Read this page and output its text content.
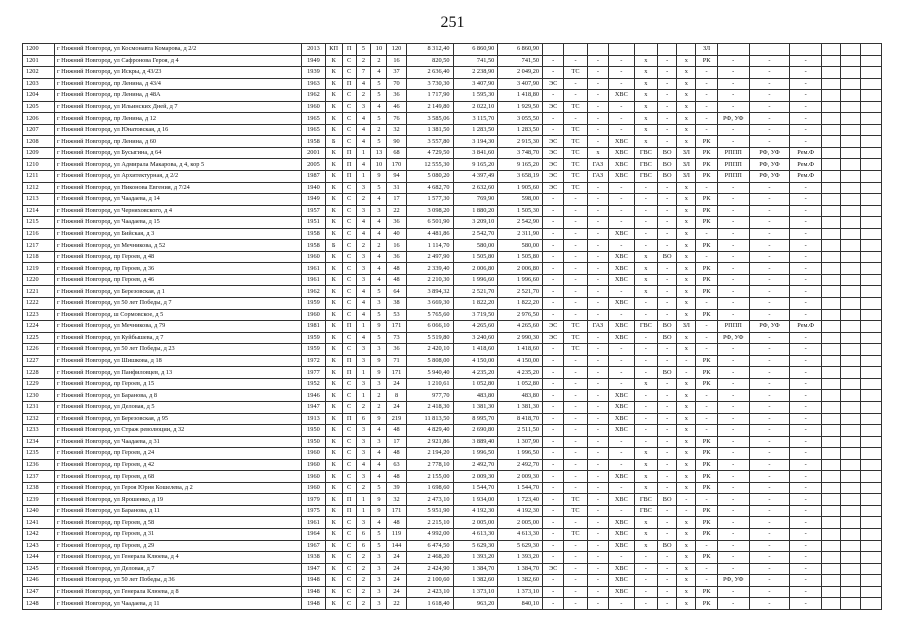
251
1200	г Нижний Новгород, ул Космонавта Комарова, д 2/2	2013	КП	П	5	10	120	8 312,40	6 860,90	6 860,90								ЗЛ						
1201	г Нижний Новгород, ул Сафронова Героя, д 4	1949	К	С	2	2	16	820,50	741,50	741,50	-	-	-	-	х	-	х	РК	-	-	-			
1202	г Нижний Новгород, ул Искры, д 43/23	1939	К	С	7	4	37	2 636,40	2 238,90	2 049,20	-	ТС	-	-	х	-	х	-	-	-	-			
1203	г Нижний Новгород, пр Ленина, д 43/4	1963	К	П	4	5	70	3 730,30	3 407,90	3 407,90	ЭС	-	-	-	х	-	х	-	-	-	-			
1204	г Нижний Новгород, пр Ленина, д 48А	1962	К	С	2	5	36	1 717,90	1 595,30	1 418,80	-	-	-	ХВС	х	-	х	-	-	-	-			
1205	г Нижний Новгород, ул Ильинских Дней, д 7	1960	К	С	3	4	46	2 149,80	2 022,10	1 929,50	ЭС	ТС	-	-	х	-	х	-	-	-	-			
1206	г Нижний Новгород, пр Ленина, д 12	1965	К	С	4	5	76	3 585,06	3 115,70	3 055,50	-	-	-	-	х	-	х	-	РФ, УФ	-	-			
1207	г Нижний Новгород, ул Юнатовская, д 16	1965	К	С	4	2	32	1 381,50	1 283,50	1 283,50	-	ТС	-	-	х	-	х	-	-	-	-			
1208	г Нижний Новгород, пр Ленина, д 60	1958	Б	С	4	5	90	3 557,80	3 194,30	2 915,30	ЭС	ТС	-	ХВС	х	-	х	РК	-	-	-			
1209	г Нижний Новгород, ул Бусыгина, д 64	2001	К	П	1	13	68	4 729,50	3 841,60	3 748,70	ЭС	ТС	х	ХВС	ГВС	ВО	ЗЛ	РК	РППП	РФ, УФ	Рем.Ф			
1210	г Нижний Новгород, ул Адмирала Макарова, д 4, кор 5	2005	К	П	4	10	170	12 555,30	9 165,20	9 165,20	ЭС	ТС	ГАЗ	ХВС	ГВС	ВО	ЗЛ	РК	РППП	РФ, УФ	Рем.Ф			
1211	г Нижний Новгород, ул Архитектурная, д 2/2	1987	К	П	1	9	94	5 080,20	4 397,49	3 658,19	ЭС	ТС	ГАЗ	ХВС	ГВС	ВО	ЗЛ	РК	РППП	РФ, УФ	Рем.Ф			
1212	г Нижний Новгород, ул Никонова Евгения, д 7/24	1940	К	С	3	5	31	4 682,70	2 632,60	1 905,60	ЭС	ТС	-	-	-	-	х	-	-	-	-			
1213	г Нижний Новгород, ул Чаадаева, д 14	1949	К	С	2	4	17	1 577,30	769,90	598,00	-	-	-	-	-	-	х	РК	-	-	-			
1214	г Нижний Новгород, ул Черняховского, д 4	1957	К	С	3	3	22	3 098,20	1 880,20	1 505,30	-	-	-	-	-	-	х	РК	-	-	-			
1215	г Нижний Новгород, ул Чаадаева, д 15	1951	К	С	4	4	36	6 501,90	3 209,10	2 542,90	-	-	-	-	-	-	х	РК	-	-	-			
1216	г Нижний Новгород, ул Бийская, д 3	1958	К	С	4	4	40	4 481,86	2 542,70	2 311,90	-	-	-	ХВС	-	-	х	-	-	-	-			
1217	г Нижний Новгород, ул Мечникова, д 52	1958	Б	С	2	2	16	1 114,70	580,00	580,00	-	-	-	-	-	-	х	РК	-	-	-			
1218	г Нижний Новгород, пр Героев, д 48	1960	К	С	3	4	36	2 497,90	1 505,80	1 505,80	-	-	-	ХВС	х	ВО	х	-	-	-	-			
1219	г Нижний Новгород, пр Героев, д 36	1961	К	С	3	4	48	2 339,40	2 006,80	2 006,80	-	-	-	ХВС	х	-	х	РК	-	-	-			
1220	г Нижний Новгород, пр Героев, д 46	1961	К	С	3	4	48	2 210,30	1 996,60	1 996,60	-	-	-	ХВС	х	-	х	РК	-	-	-			
1221	г Нижний Новгород, ул Березовская, д 1	1962	К	С	4	5	64	3 894,32	2 521,70	2 521,70	-	-	-	-	х	-	х	РК	-	-	-			
1222	г Нижний Новгород, ул 50 лет Победы, д 7	1959	К	С	4	3	38	3 669,30	1 822,20	1 822,20	-	-	-	ХВС	-	-	х	-	-	-	-			
1223	г Нижний Новгород, ш Сормовское, д 5	1960	К	С	4	5	53	5 765,60	3 719,50	2 976,50	-	-	-	-	-	-	х	РК	-	-	-			
1224	г Нижний Новгород, ул Мечникова, д 79	1981	К	П	1	9	171	6 066,10	4 265,60	4 265,60	ЭС	ТС	ГАЗ	ХВС	ГВС	ВО	ЗЛ	-	РППП	РФ, УФ	Рем.Ф			
1225	г Нижний Новгород, ул Куйбышева, д 7	1959	К	С	4	5	73	5 519,80	3 240,60	2 990,30	ЭС	ТС	-	ХВС	-	ВО	х	-	РФ, УФ	-	-			
1226	г Нижний Новгород, ул 50 лет Победы, д 23	1959	К	С	3	3	36	2 420,10	1 418,60	1 418,60	-	ТС	-	-	-	-	х	-	-	-	-			
1227	г Нижний Новгород, ул Шишкова, д 18	1972	К	П	3	9	71	5 808,00	4 150,00	4 150,00	-	-	-	-	-	-	-	РК	-	-	-			
1228	г Нижний Новгород, ул Панфиловцев, д 13	1977	К	П	1	9	171	5 940,40	4 235,20	4 235,20	-	-	-	-	-	ВО	-	РК	-	-	-			
1229	г Нижний Новгород, пр Героев, д 15	1952	К	С	3	3	24	1 210,61	1 052,80	1 052,80	-	-	-	-	х	-	х	РК	-	-	-			
1230	г Нижний Новгород, ул Баранова, д 8	1946	К	С	1	2	8	977,70	483,80	483,80	-	-	-	ХВС	-	-	х	-	-	-	-			
1231	г Нижний Новгород, ул Деловая, д 5	1947	К	С	2	2	24	2 418,30	1 381,30	1 381,30	-	-	-	ХВС	-	-	х	-	-	-	-			
1232	г Нижний Новгород, ул Березовская, д 95	1913	К	П	6	9	219	11 813,50	8 995,70	8 418,70	-	-	-	ХВС	-	-	х	-	-	-	-			
1233	г Нижний Новгород, ул Страж революции, д 32	1950	К	С	3	4	48	4 829,40	2 690,80	2 511,50	-	-	-	ХВС	-	-	х	-	-	-	-			
1234	г Нижний Новгород, ул Чаадаева, д 31	1950	К	С	3	3	17	2 921,86	3 889,40	1 307,90	-	-	-	-	-	-	х	РК	-	-	-			
1235	г Нижний Новгород, пр Героев, д 24	1960	К	С	3	4	48	2 194,20	1 996,50	1 996,50	-	-	-	-	х	-	х	РК	-	-	-			
1236	г Нижний Новгород, пр Героев, д 42	1960	К	С	4	4	63	2 778,10	2 492,70	2 492,70	-	-	-	-	х	-	х	РК	-	-	-			
1237	г Нижний Новгород, пр Героев, д 68	1960	К	С	3	4	48	2 155,00	2 009,30	2 009,30	-	-	-	ХВС	х	-	х	РК	-	-	-			
1238	г Нижний Новгород, ул Героя Юрия Кошелева, д 2	1960	К	С	2	5	39	1 698,60	1 544,70	1 544,70	-	-	-	-	х	-	х	РК	-	-	-			
1239	г Нижний Новгород, ул Ярошенко, д 19	1979	К	П	1	9	32	2 473,10	1 934,00	1 723,40	-	ТС	-	ХВС	ГВС	ВО	-	-	-	-	-			
1240	г Нижний Новгород, ул Баранова, д 11	1975	К	П	1	9	171	5 951,90	4 192,30	4 192,30	-	ТС	-	-	ГВС	-	-	РК	-	-	-			
1241	г Нижний Новгород, пр Героев, д 58	1961	К	С	3	4	48	2 215,10	2 005,00	2 005,00	-	-	-	ХВС	х	-	х	РК	-	-	-			
1242	г Нижний Новгород, пр Героев, д 31	1964	К	С	6	5	119	4 992,00	4 613,30	4 613,30	-	ТС	-	ХВС	х	-	х	РК	-	-	-			
1243	г Нижний Новгород, пр Героев, д 29	1967	К	С	6	5	144	6 474,50	5 629,30	5 629,30	-	-	-	ХВС	х	ВО	х	-	-	-	-			
1244	г Нижний Новгород, ул Генерала Клюева, д 4	1938	К	С	2	3	24	2 468,20	1 393,20	1 393,20	-	-	-	-	-	-	х	РК	-	-	-			
1245	г Нижний Новгород, ул Деловая, д 7	1947	К	С	2	3	24	2 424,90	1 384,70	1 384,70	ЭС	-	-	ХВС	-	-	х	-	-	-	-			
1246	г Нижний Новгород, ул 50 лет Победы, д 36	1948	К	С	2	3	24	2 100,60	1 382,60	1 382,60	-	-	-	ХВС	-	-	х	-	РФ, УФ	-	-			
1247	г Нижний Новгород, ул Генерала Клюева, д 8	1948	К	С	2	3	24	2 423,10	1 373,10	1 373,10	-	-	-	ХВС	-	-	х	РК	-	-	-			
1248	г Нижний Новгород, ул Чаадаева, д 11	1948	К	С	2	3	22	1 618,40	963,20	840,10	-	-	-	-	-	-	х	РК	-	-	-			
